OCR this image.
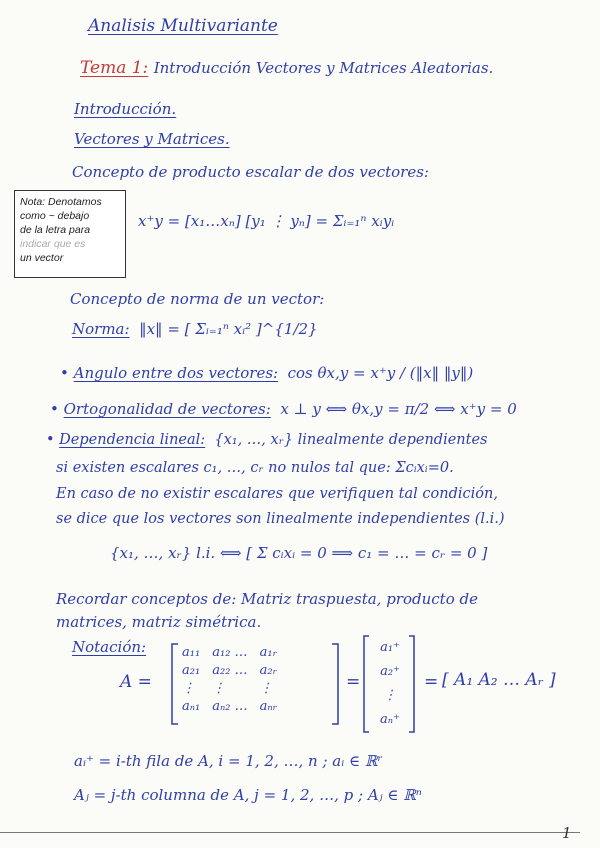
Analisis Multivariante
Tema 1: Introducción Vectores y Matrices Aleatorias.
Introducción.
Vectores y Matrices.
Concepto de producto escalar de dos vectores:
x⁺y = [x₁…xₙ] [y₁ ⋮ yₙ] = Σᵢ₌₁ⁿ xᵢyᵢ
Nota: Denotamos
como ~ debajo
de la letra para
indicar que es
un vector
Concepto de norma de un vector:
Norma: ‖x‖ = [ Σᵢ₌₁ⁿ xᵢ² ]^{1/2}
• Angulo entre dos vectores: cos θx,y = x⁺y / (‖x‖ ‖y‖)
• Ortogonalidad de vectores: x ⊥ y ⟺ θx,y = π/2 ⟺ x⁺y = 0
• Dependencia lineal: {x₁, …, xᵣ} linealmente dependientes
si existen escalares c₁, …, cᵣ no nulos tal que: Σcᵢxᵢ=0.
En caso de no existir escalares que verifiquen tal condición,
se dice que los vectores son linealmente independientes (l.i.)
{x₁, …, xᵣ} l.i. ⟺ [ Σ cᵢxᵢ = 0 ⟹ c₁ = … = cᵣ = 0 ]
Recordar conceptos de: Matriz traspuesta, producto de
matrices, matriz simétrica.
Notación:
A =
a₁₁	a₁₂ …	a₁ᵣ
a₂₁	a₂₂ …	a₂ᵣ
⋮	⋮	⋮
aₙ₁	aₙ₂ …	aₙᵣ
=
a₁⁺
a₂⁺
⋮
aₙ⁺
= [ A₁ A₂ … Aᵣ ]
aᵢ⁺ = i-th fila de A, i = 1, 2, …, n ; aᵢ ∈ ℝʳ
Aⱼ = j-th columna de A, j = 1, 2, …, p ; Aⱼ ∈ ℝⁿ
1
